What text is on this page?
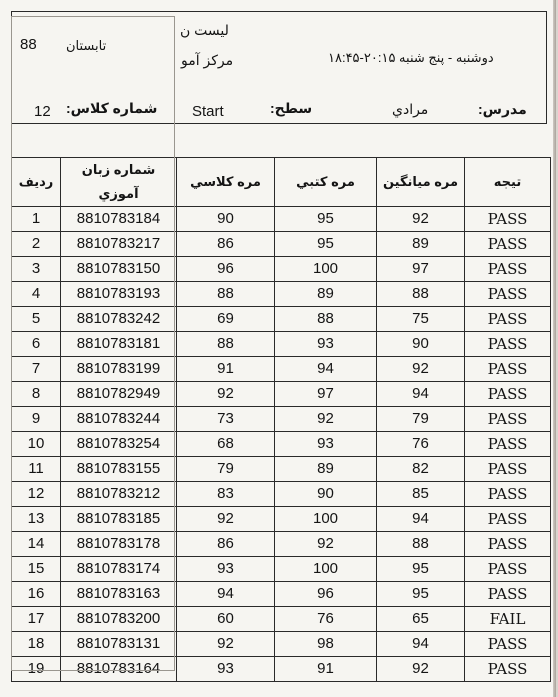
لیست ن
مرکز آمو
88 تابستان
دوشنبه - پنج شنبه ۲۰:۱۵-۱۸:۴۵
12 شماره کلاس: Start	سطح:	مرادي	مدرس:
رديف	شماره زبان آموزي	مره كلاسي	مره كتبي	مره ميانگين	تيجه
1	8810783184	90	95	92	PASS
2	8810783217	86	95	89	PASS
3	8810783150	96	100	97	PASS
4	8810783193	88	89	88	PASS
5	8810783242	69	88	75	PASS
6	8810783181	88	93	90	PASS
7	8810783199	91	94	92	PASS
8	8810782949	92	97	94	PASS
9	8810783244	73	92	79	PASS
10	8810783254	68	93	76	PASS
11	8810783155	79	89	82	PASS
12	8810783212	83	90	85	PASS
13	8810783185	92	100	94	PASS
14	8810783178	86	92	88	PASS
15	8810783174	93	100	95	PASS
16	8810783163	94	96	95	PASS
17	8810783200	60	76	65	FAIL
18	8810783131	92	98	94	PASS
19	8810783164	93	91	92	PASS
